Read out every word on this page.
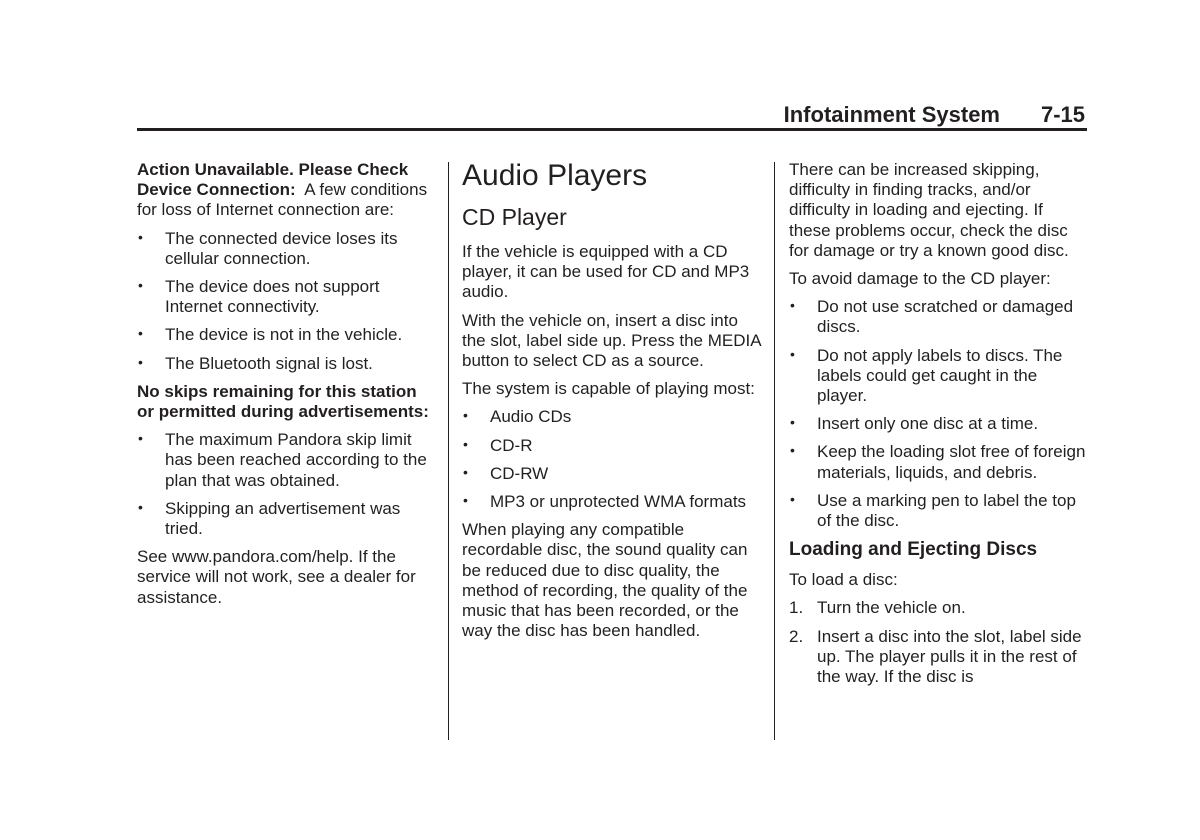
Infotainment System 7-15

Action Unavailable. Please Check Device Connection: A few conditions for loss of Internet connection are:

• The connected device loses its cellular connection.
• The device does not support Internet connectivity.
• The device is not in the vehicle.
• The Bluetooth signal is lost.

No skips remaining for this station or permitted during advertisements:

• The maximum Pandora skip limit has been reached according to the plan that was obtained.
• Skipping an advertisement was tried.

See www.pandora.com/help. If the service will not work, see a dealer for assistance.

Audio Players
CD Player

If the vehicle is equipped with a CD player, it can be used for CD and MP3 audio.

With the vehicle on, insert a disc into the slot, label side up. Press the MEDIA button to select CD as a source.

The system is capable of playing most:

• Audio CDs
• CD-R
• CD-RW
• MP3 or unprotected WMA formats

When playing any compatible recordable disc, the sound quality can be reduced due to disc quality, the method of recording, the quality of the music that has been recorded, or the way the disc has been handled.

There can be increased skipping, difficulty in finding tracks, and/or difficulty in loading and ejecting. If these problems occur, check the disc for damage or try a known good disc.

To avoid damage to the CD player:

• Do not use scratched or damaged discs.
• Do not apply labels to discs. The labels could get caught in the player.
• Insert only one disc at a time.
• Keep the loading slot free of foreign materials, liquids, and debris.
• Use a marking pen to label the top of the disc.
Loading and Ejecting Discs

To load a disc:

1. Turn the vehicle on.
2. Insert a disc into the slot, label side up. The player pulls it in the rest of the way. If the disc is
